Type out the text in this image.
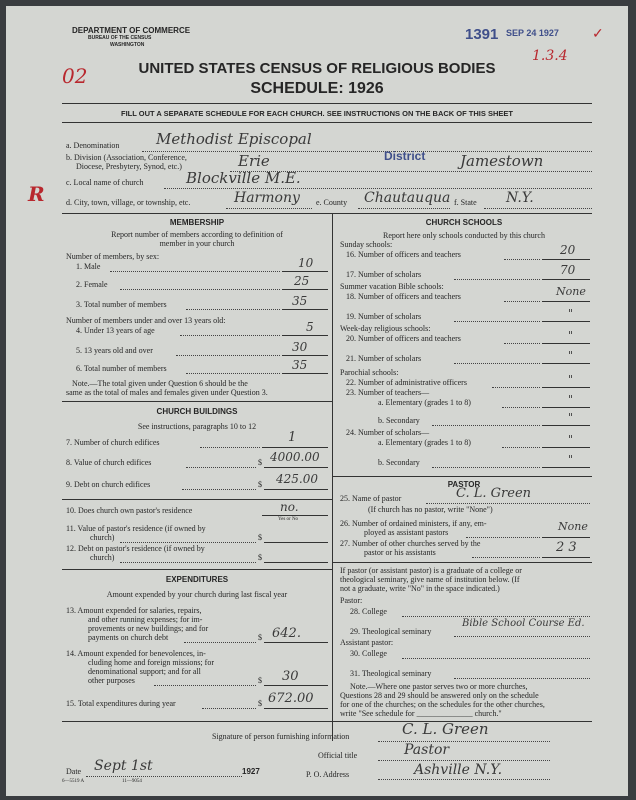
DEPARTMENT OF COMMERCE
BUREAU OF THE CENSUS
WASHINGTON
1391 SEP 24 1927
1.3.4
✓
02
R
UNITED STATES CENSUS OF RELIGIOUS BODIES
SCHEDULE: 1926
FILL OUT A SEPARATE SCHEDULE FOR EACH CHURCH. SEE INSTRUCTIONS ON THE BACK OF THIS SHEET
a. Denomination Methodist Episcopal
b. Division (Association, Conference,
Diocese, Presbytery, Synod, etc.)	Erie	District Jamestown
c. Local name of church	Blockville M.E.
d. City, town, village, or township, etc.	Harmony e. County Chautauqua f. State N.Y.
MEMBERSHIP
Report number of members according to definition of
member in your church
Number of members, by sex:
1. Male	10
2. Female	25
3. Total number of members	35
Number of members under and over 13 years old:
4. Under 13 years of age	5
5. 13 years old and over	30
6. Total number of members	35
Note.—The total given under Question 6 should be the
same as the total of males and females given under Question 3.
CHURCH BUILDINGS
See instructions, paragraphs 10 to 12
7. Number of church edifices	1
8. Value of church edifices	$ 4000.00
9. Debt on church edifices	$ 425.00
10. Does church own pastor's residence	no.
Yes or No
11. Value of pastor's residence (if owned by
church)	$
12. Debt on pastor's residence (if owned by
church)	$
EXPENDITURES
Amount expended by your church during last fiscal year
13. Amount expended for salaries, repairs,
and other running expenses; for im-
provements or new buildings; and for
payments on church debt	$ 642.
14. Amount expended for benevolences, in-
cluding home and foreign missions; for
denominational support; and for all
other purposes	$ 30
15. Total expenditures during year	$ 672.00
CHURCH SCHOOLS
Report here only schools conducted by this church
Sunday schools:
16. Number of officers and teachers	20
17. Number of scholars	70
Summer vacation Bible schools:
18. Number of officers and teachers	None
19. Number of scholars	"
Week-day religious schools:
20. Number of officers and teachers	"
21. Number of scholars	"
Parochial schools:
22. Number of administrative officers	"
23. Number of teachers—
a. Elementary (grades 1 to 8)	"
b. Secondary	"
24. Number of scholars—
a. Elementary (grades 1 to 8)	"
b. Secondary	"
PASTOR
25. Name of pastor	C. L. Green
(If church has no pastor, write "None")
26. Number of ordained ministers, if any, em-
ployed as assistant pastors	None
27. Number of other churches served by the
pastor or his assistants	2 3
If pastor (or assistant pastor) is a graduate of a college or
theological seminary, give name of institution below. (If
not a graduate, write "No" in the space indicated.)
Pastor:
28. College
29. Theological seminary
Bible School Course Ed.
Assistant pastor:
30. College
31. Theological seminary
Note.—Where one pastor serves two or more churches,
Questions 28 and 29 should be answered only on the schedule
for one of the churches; on the schedules for the other churches,
write "See schedule for ______________ church."
Signature of person furnishing information	C. L. Green
Official title	Pastor
Date Sept 1st	1927	P. O. Address	Ashville N.Y.
6—5519 A	11—9054
